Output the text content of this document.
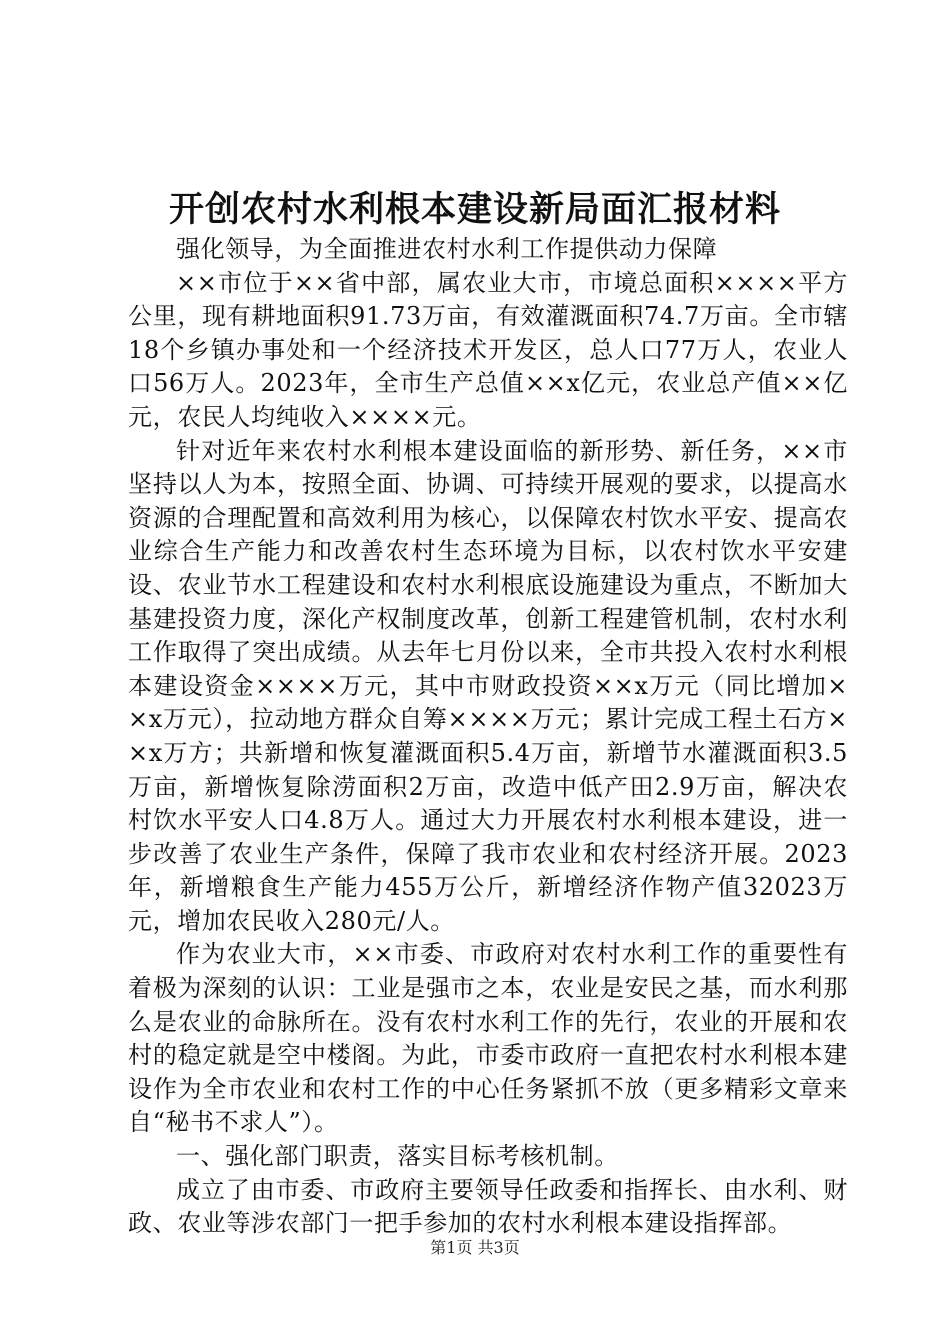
开创农村水利根本建设新局面汇报材料

强化领导，为全面推进农村水利工作提供动力保障

××市位于××省中部，属农业大市，市境总面积××××平方公里，现有耕地面积91.73万亩，有效灌溉面积74.7万亩。全市辖18个乡镇办事处和一个经济技术开发区，总人口77万人，农业人口56万人。2023年，全市生产总值××x亿元，农业总产值××亿元，农民人均纯收入××××元。

针对近年来农村水利根本建设面临的新形势、新任务，××市坚持以人为本，按照全面、协调、可持续开展观的要求，以提高水资源的合理配置和高效利用为核心，以保障农村饮水平安、提高农业综合生产能力和改善农村生态环境为目标，以农村饮水平安建设、农业节水工程建设和农村水利根底设施建设为重点，不断加大基建投资力度，深化产权制度改革，创新工程建管机制，农村水利工作取得了突出成绩。从去年七月份以来，全市共投入农村水利根本建设资金××××万元，其中市财政投资××x万元（同比增加××x万元），拉动地方群众自筹××××万元；累计完成工程土石方××x万方；共新增和恢复灌溉面积5.4万亩，新增节水灌溉面积3.5万亩，新增恢复除涝面积2万亩，改造中低产田2.9万亩，解决农村饮水平安人口4.8万人。通过大力开展农村水利根本建设，进一步改善了农业生产条件，保障了我市农业和农村经济开展。2023年，新增粮食生产能力455万公斤，新增经济作物产值32023万元，增加农民收入280元/人。

作为农业大市，××市委、市政府对农村水利工作的重要性有着极为深刻的认识：工业是强市之本，农业是安民之基，而水利那么是农业的命脉所在。没有农村水利工作的先行，农业的开展和农村的稳定就是空中楼阁。为此，市委市政府一直把农村水利根本建设作为全市农业和农村工作的中心任务紧抓不放（更多精彩文章来自“秘书不求人”）。

一、强化部门职责，落实目标考核机制。

成立了由市委、市政府主要领导任政委和指挥长、由水利、财政、农业等涉农部门一把手参加的农村水利根本建设指挥部。

第1页 共3页
